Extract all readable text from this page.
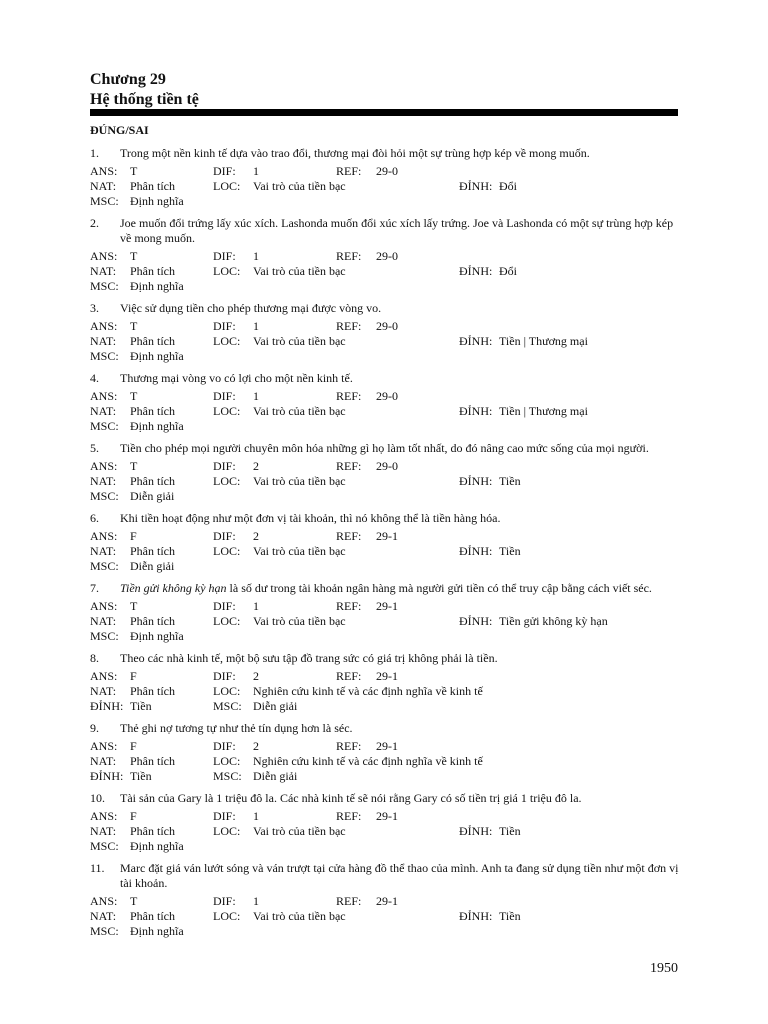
Chương 29
Hệ thống tiền tệ
ĐÚNG/SAI
1. Trong một nền kinh tế dựa vào trao đổi, thương mại đòi hỏi một sự trùng hợp kép về mong muốn.
ANS: T	DIF: 1	REF: 29-0
NAT: Phân tích	LOC: Vai trò của tiền bạc	ĐỈNH: Đổi
MSC: Định nghĩa
2. Joe muốn đổi trứng lấy xúc xích. Lashonda muốn đổi xúc xích lấy trứng. Joe và Lashonda có một sự trùng hợp kép về mong muốn.
ANS: T	DIF: 1	REF: 29-0
NAT: Phân tích	LOC: Vai trò của tiền bạc	ĐỈNH: Đổi
MSC: Định nghĩa
3. Việc sử dụng tiền cho phép thương mại được vòng vo.
ANS: T	DIF: 1	REF: 29-0
NAT: Phân tích	LOC: Vai trò của tiền bạc	ĐỈNH: Tiền | Thương mại
MSC: Định nghĩa
4. Thương mại vòng vo có lợi cho một nền kinh tế.
ANS: T	DIF: 1	REF: 29-0
NAT: Phân tích	LOC: Vai trò của tiền bạc	ĐỈNH: Tiền | Thương mại
MSC: Định nghĩa
5. Tiền cho phép mọi người chuyên môn hóa những gì họ làm tốt nhất, do đó nâng cao mức sống của mọi người.
ANS: T	DIF: 2	REF: 29-0
NAT: Phân tích	LOC: Vai trò của tiền bạc	ĐỈNH: Tiền
MSC: Diễn giải
6. Khi tiền hoạt động như một đơn vị tài khoản, thì nó không thể là tiền hàng hóa.
ANS: F	DIF: 2	REF: 29-1
NAT: Phân tích	LOC: Vai trò của tiền bạc	ĐỈNH: Tiền
MSC: Diễn giải
7. Tiền gửi không kỳ hạn là số dư trong tài khoản ngân hàng mà người gửi tiền có thể truy cập bằng cách viết séc.
ANS: T	DIF: 1	REF: 29-1
NAT: Phân tích	LOC: Vai trò của tiền bạc	ĐỈNH: Tiền gửi không kỳ hạn
MSC: Định nghĩa
8. Theo các nhà kinh tế, một bộ sưu tập đồ trang sức có giá trị không phải là tiền.
ANS: F	DIF: 2	REF: 29-1
NAT: Phân tích	LOC: Nghiên cứu kinh tế và các định nghĩa về kinh tế
ĐỈNH: Tiền	MSC: Diễn giải
9. Thẻ ghi nợ tương tự như thẻ tín dụng hơn là séc.
ANS: F	DIF: 2	REF: 29-1
NAT: Phân tích	LOC: Nghiên cứu kinh tế và các định nghĩa về kinh tế
ĐỈNH: Tiền	MSC: Diễn giải
10. Tài sản của Gary là 1 triệu đô la. Các nhà kinh tế sẽ nói rằng Gary có số tiền trị giá 1 triệu đô la.
ANS: F	DIF: 1	REF: 29-1
NAT: Phân tích	LOC: Vai trò của tiền bạc	ĐỈNH: Tiền
MSC: Định nghĩa
11. Marc đặt giá ván lướt sóng và ván trượt tại cửa hàng đồ thể thao của mình. Anh ta đang sử dụng tiền như một đơn vị tài khoản.
ANS: T	DIF: 1	REF: 29-1
NAT: Phân tích	LOC: Vai trò của tiền bạc	ĐỈNH: Tiền
MSC: Định nghĩa
1950
